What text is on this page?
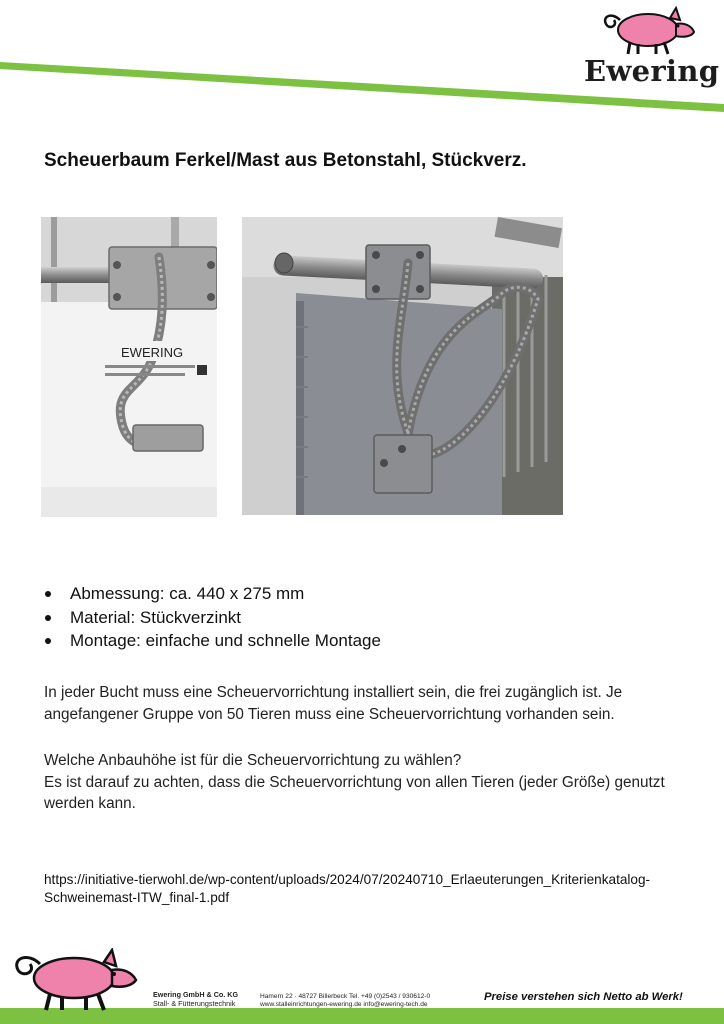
Ewering
Scheuerbaum Ferkel/Mast aus Betonstahl, Stückverz.
EWERING
Abmessung: ca. 440 x 275 mm
Material: Stückverzinkt
Montage: einfache und schnelle Montage

In jeder Bucht muss eine Scheuervorrichtung installiert sein, die frei zugänglich ist. Je angefangener Gruppe von 50 Tieren muss eine Scheuervorrichtung vorhanden sein.

Welche Anbauhöhe ist für die Scheuervorrichtung zu wählen?
Es ist darauf zu achten, dass die Scheuervorrichtung von allen Tieren (jeder Größe) genutzt werden kann.
https://initiative-tierwohl.de/wp-content/uploads/2024/07/20240710_Erlaeuterungen_Kriterienkatalog-
Schweinemast-ITW_final-1.pdf
Ewering GmbH & Co. KG
Stall- & Fütterungstechnik
Hamern 22 · 48727 Billerbeck Tel. +49 (0)2543 / 930612-0
www.stalleinrichtungen-ewering.de info@ewering-tech.de
Preise verstehen sich Netto ab Werk!
